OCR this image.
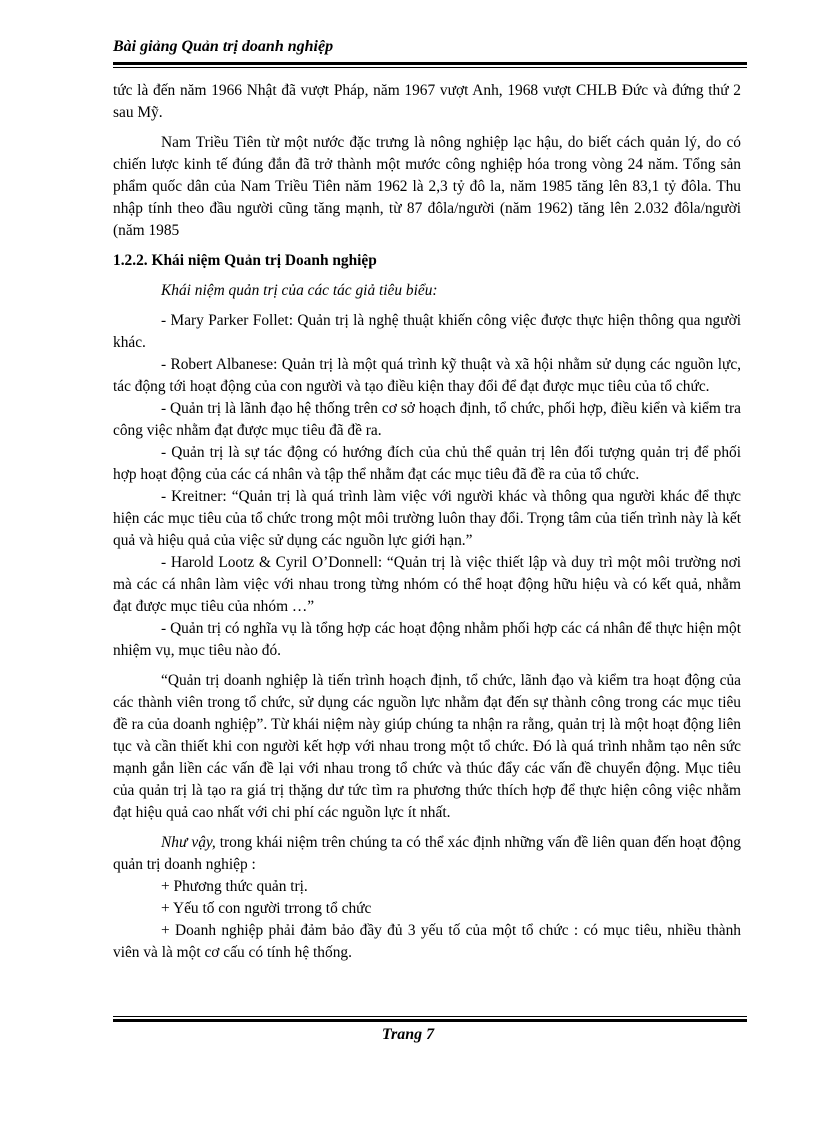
Bài giảng Quản trị doanh nghiệp

tức là đến năm 1966 Nhật đã vượt Pháp, năm 1967 vượt Anh, 1968 vượt CHLB Đức và đứng thứ 2 sau Mỹ.

Nam Triều Tiên từ một nước đặc trưng là nông nghiệp lạc hậu, do biết cách quản lý, do có chiến lược kinh tế đúng đắn đã trở thành một mước công nghiệp hóa trong vòng 24 năm. Tổng sản phẩm quốc dân của Nam Triều Tiên năm 1962 là 2,3 tỷ đô la, năm 1985 tăng lên 83,1 tỷ đôla. Thu nhập tính theo đầu người cũng tăng mạnh, từ 87 đôla/người (năm 1962) tăng lên 2.032 đôla/người (năm 1985

1.2.2. Khái niệm Quản trị Doanh nghiệp

Khái niệm quản trị của các tác giả tiêu biểu:

- Mary Parker Follet: Quản trị là nghệ thuật khiến công việc được thực hiện thông qua người khác.

- Robert Albanese: Quản trị là một quá trình kỹ thuật và xã hội nhằm sử dụng các nguồn lực, tác động tới hoạt động của con người và tạo điều kiện thay đổi để đạt được mục tiêu của tổ chức.

- Quản trị là lãnh đạo hệ thống trên cơ sở hoạch định, tổ chức, phối hợp, điều kiển và kiểm tra công việc nhằm đạt được mục tiêu đã đề ra.

- Quản trị là sự tác động có hướng đích của chủ thể quản trị lên đối tượng quản trị để phối hợp hoạt động của các cá nhân và tập thể nhằm đạt các mục tiêu đã đề ra của tổ chức.

- Kreitner: “Quản trị là quá trình làm việc với người khác và thông qua người khác để thực hiện các mục tiêu của tổ chức trong một môi trường luôn thay đổi. Trọng tâm của tiến trình này là kết quả và hiệu quả của việc sử dụng các nguồn lực giới hạn.”

- Harold Lootz & Cyril O’Donnell: “Quản trị là việc thiết lập và duy trì một môi trường nơi mà các cá nhân làm việc với nhau trong từng nhóm có thể hoạt động hữu hiệu và có kết quả, nhằm đạt được mục tiêu của nhóm …”

- Quản trị có nghĩa vụ là tổng hợp các hoạt động nhằm phối hợp các cá nhân để thực hiện một nhiệm vụ, mục tiêu nào đó.

“Quản trị doanh nghiệp là tiến trình hoạch định, tổ chức, lãnh đạo và kiểm tra hoạt động của các thành viên trong tổ chức, sử dụng các nguồn lực nhằm đạt đến sự thành công trong các mục tiêu đề ra của doanh nghiệp”. Từ khái niệm này giúp chúng ta nhận ra rằng, quản trị là một hoạt động liên tục và cần thiết khi con người kết hợp với nhau trong một tổ chức. Đó là quá trình nhằm tạo nên sức mạnh gắn liền các vấn đề lại với nhau trong tổ chức và thúc đẩy các vấn đề chuyển động. Mục tiêu của quản trị là tạo ra giá trị thặng dư tức tìm ra phương thức thích hợp để thực hiện công việc nhằm đạt hiệu quả cao nhất với chi phí các nguồn lực ít nhất.

Như vậy, trong khái niệm trên chúng ta có thể xác định những vấn đề liên quan đến hoạt động quản trị doanh nghiệp :

+ Phương thức quản trị.

+ Yếu tố con người trrong tổ chức

+ Doanh nghiệp phải đảm bảo đầy đủ 3 yếu tố của một tổ chức : có mục tiêu, nhiều thành viên và là một cơ cấu có tính hệ thống.

Trang 7
